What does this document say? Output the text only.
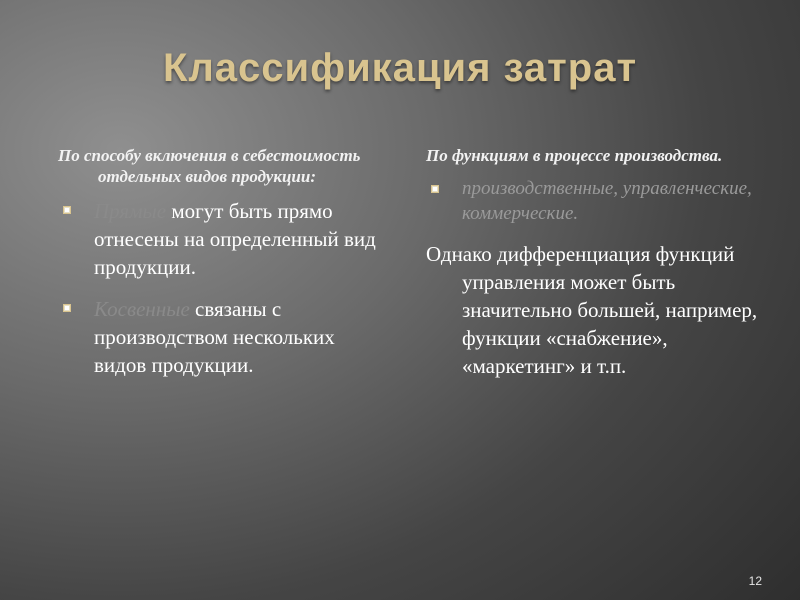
Классификация затрат
По способу включения в себестоимость отдельных видов продукции:
Прямые могут быть прямо отнесены на определенный вид продукции.
Косвенные связаны с производством нескольких видов продукции.
По функциям в процессе производства.
производственные, управленческие, коммерческие.
Однако дифференциация функций управления может быть значительно большей, например, функции «снабжение», «маркетинг» и т.п.
12
